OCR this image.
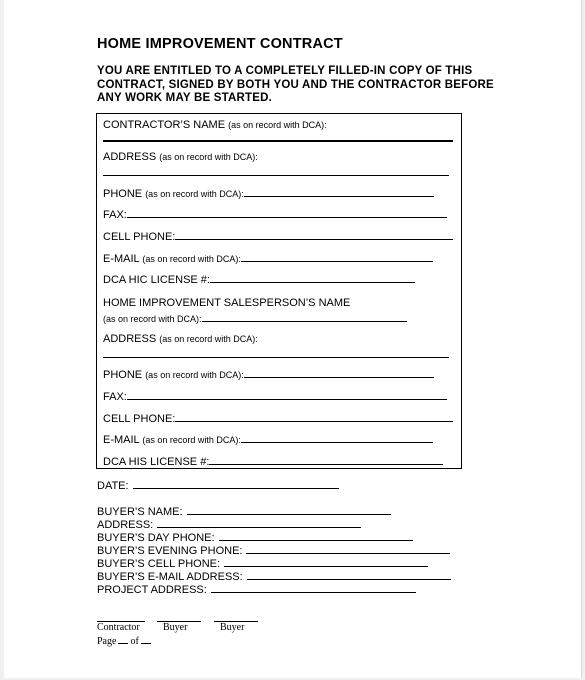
HOME IMPROVEMENT CONTRACT
YOU ARE ENTITLED TO A COMPLETELY FILLED-IN COPY OF THIS CONTRACT, SIGNED BY BOTH YOU AND THE CONTRACTOR BEFORE ANY WORK MAY BE STARTED.
CONTRACTOR’S NAME (as on record with DCA):
ADDRESS (as on record with DCA):
PHONE (as on record with DCA):
FAX:
CELL PHONE:
E-MAIL (as on record with DCA):
DCA HIC LICENSE #:
HOME IMPROVEMENT SALESPERSON’S NAME
(as on record with DCA):
ADDRESS (as on record with DCA):
PHONE (as on record with DCA):
FAX:
CELL PHONE:
E-MAIL (as on record with DCA):
DCA HIS LICENSE #:
DATE:
BUYER’S NAME:
ADDRESS:
BUYER’S DAY PHONE:
BUYER’S EVENING PHONE:
BUYER’S CELL PHONE:
BUYER’S E-MAIL ADDRESS:
PROJECT ADDRESS:
Contractor	Buyer	Buyer
Page of
